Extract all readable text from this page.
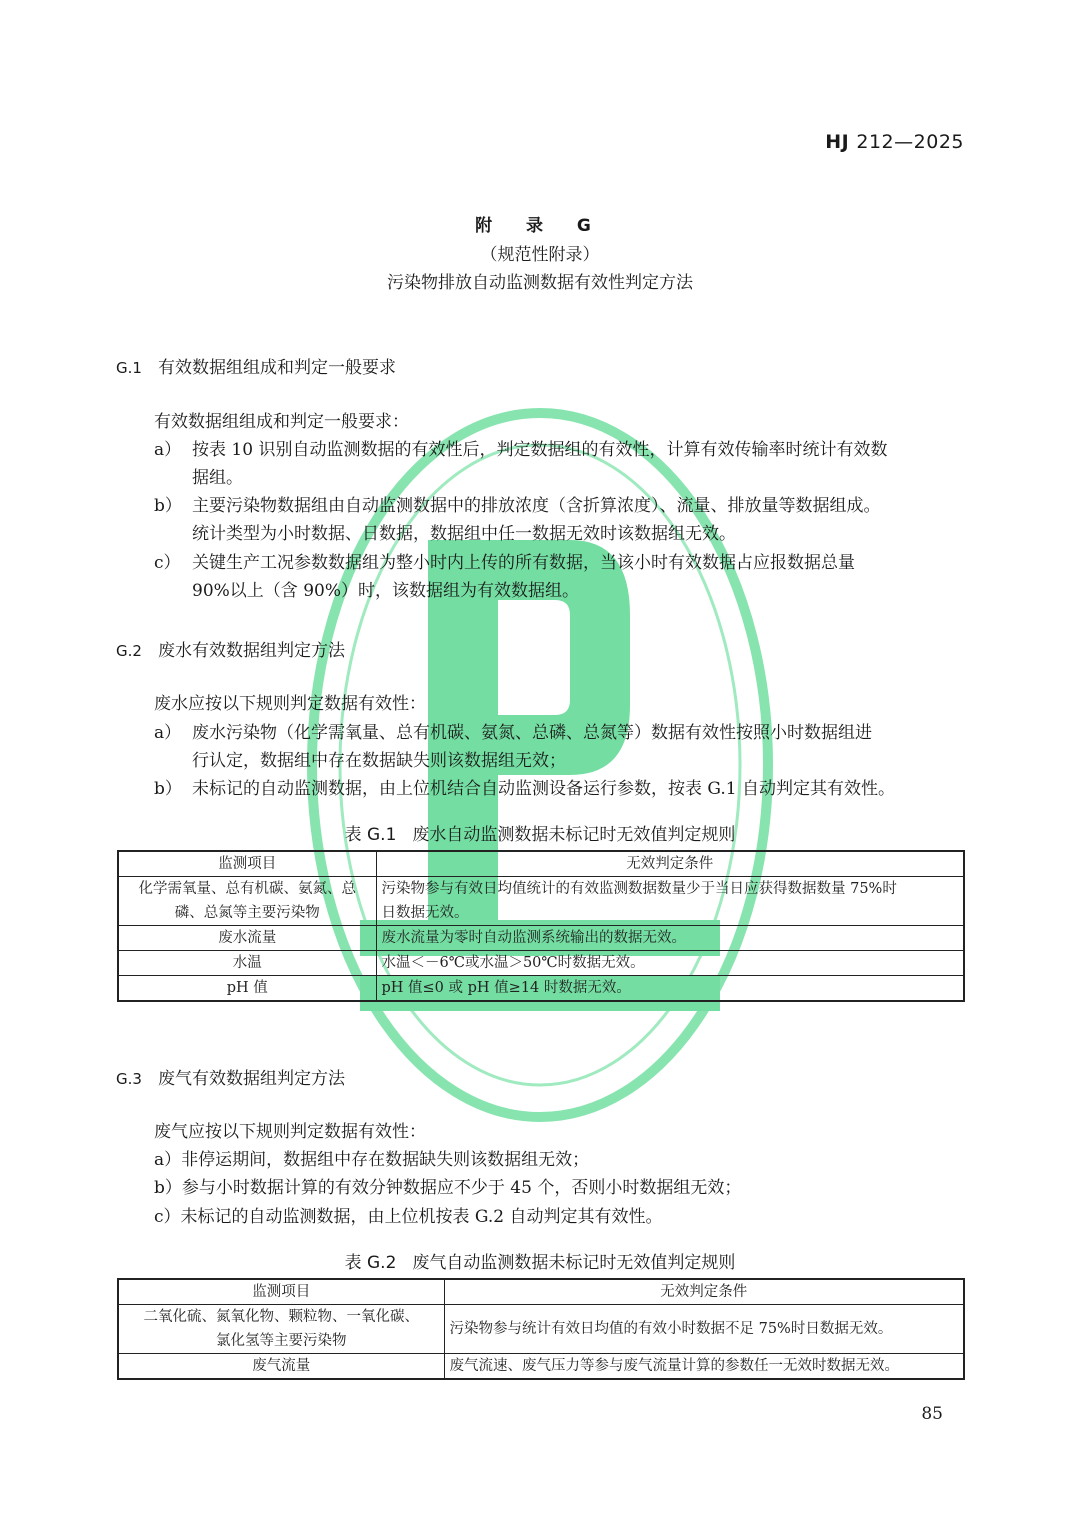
HJ 212—2025
附 录 G
（规范性附录）
污染物排放自动监测数据有效性判定方法
G.1 有效数据组组成和判定一般要求
有效数据组组成和判定一般要求：
a） 按表 10 识别自动监测数据的有效性后，判定数据组的有效性，计算有效传输率时统计有效数
据组。
b） 主要污染物数据组由自动监测数据中的排放浓度（含折算浓度）、流量、排放量等数据组成。
统计类型为小时数据、日数据，数据组中任一数据无效时该数据组无效。
c） 关键生产工况参数数据组为整小时内上传的所有数据，当该小时有效数据占应报数据总量
90%以上（含 90%）时，该数据组为有效数据组。
G.2 废水有效数据组判定方法
废水应按以下规则判定数据有效性：
a） 废水污染物（化学需氧量、总有机碳、氨氮、总磷、总氮等）数据有效性按照小时数据组进
行认定，数据组中存在数据缺失则该数据组无效；
b） 未标记的自动监测数据，由上位机结合自动监测设备运行参数，按表 G.1 自动判定其有效性。
表 G.1 废水自动监测数据未标记时无效值判定规则
监测项目	无效判定条件
化学需氧量、总有机碳、氨氮、总
磷、总氮等主要污染物	污染物参与有效日均值统计的有效监测数据数量少于当日应获得数据数量 75%时
日数据无效。
废水流量	废水流量为零时自动监测系统输出的数据无效。
水温	水温＜－6℃或水温＞50℃时数据无效。
pH 值	pH 值≤0 或 pH 值≥14 时数据无效。
G.3 废气有效数据组判定方法
废气应按以下规则判定数据有效性：
a）非停运期间，数据组中存在数据缺失则该数据组无效；
b）参与小时数据计算的有效分钟数据应不少于 45 个，否则小时数据组无效；
c）未标记的自动监测数据，由上位机按表 G.2 自动判定其有效性。
表 G.2 废气自动监测数据未标记时无效值判定规则
监测项目	无效判定条件
二氧化硫、氮氧化物、颗粒物、一氧化碳、
氯化氢等主要污染物	污染物参与统计有效日均值的有效小时数据不足 75%时日数据无效。
废气流量	废气流速、废气压力等参与废气流量计算的参数任一无效时数据无效。
85
